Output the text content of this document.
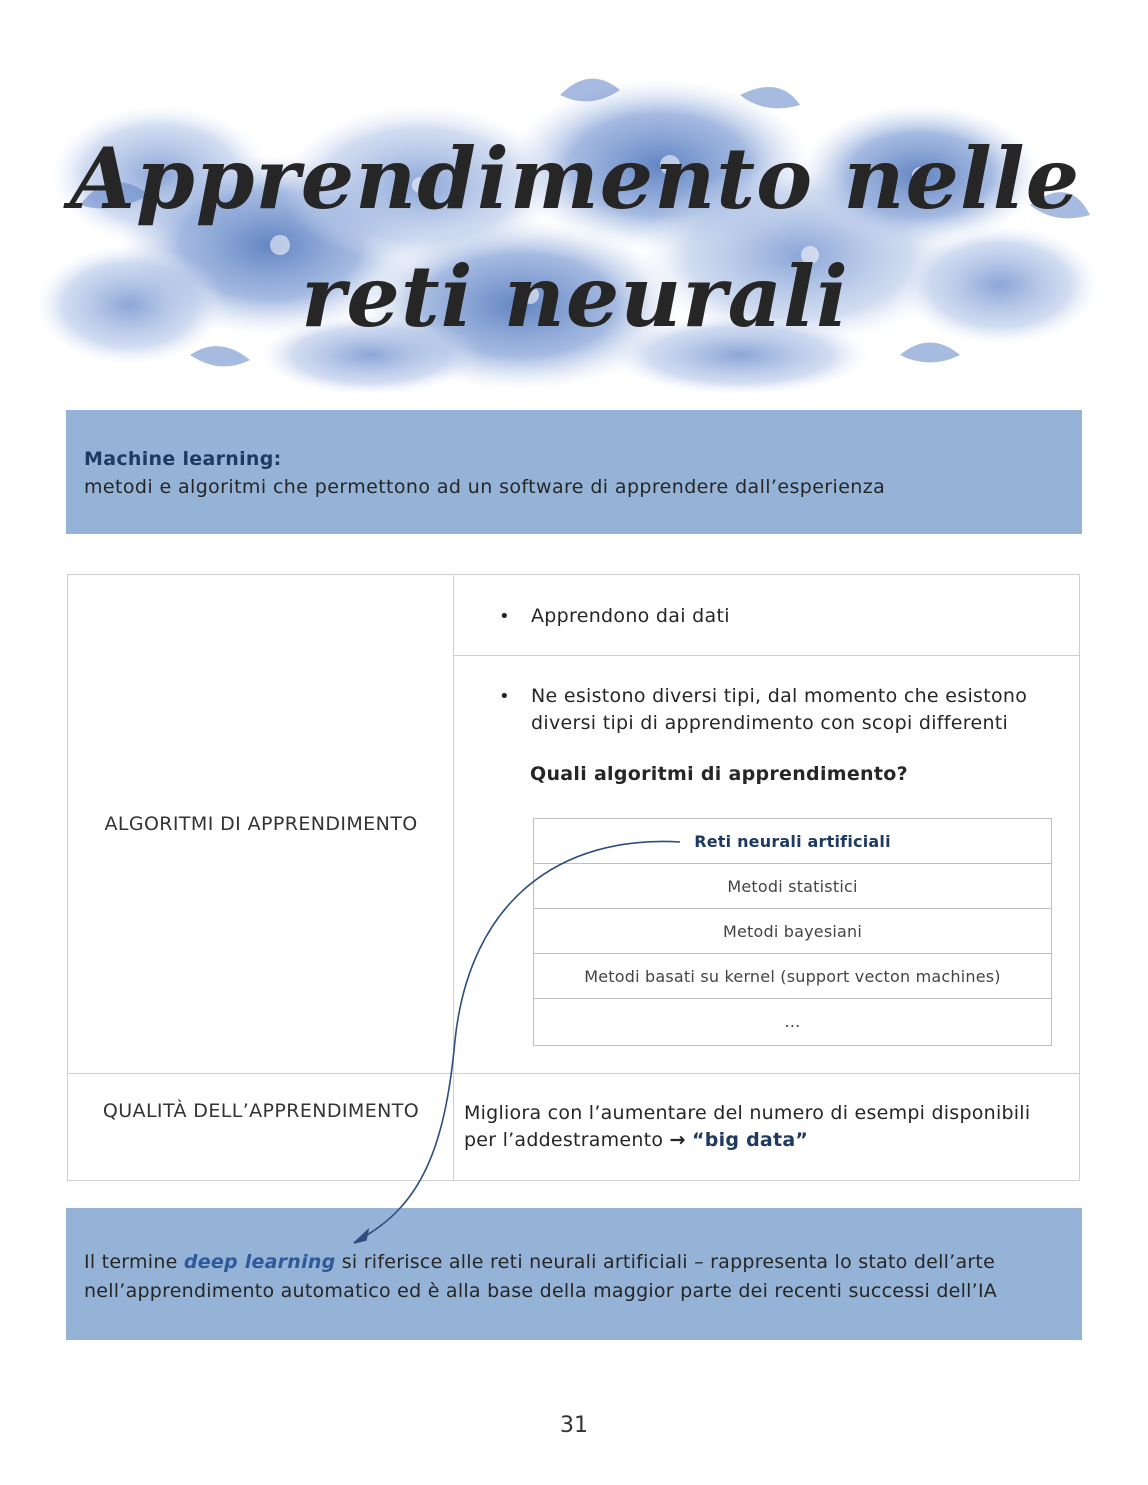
Apprendimento nelle
reti neurali
Machine learning:
metodi e algoritmi che permettono ad un software di apprendere dall’esperienza
ALGORITMI DI APPRENDIMENTO
• Apprendono dai dati
• Ne esistono diversi tipi, dal momento che esistono
diversi tipi di apprendimento con scopi differenti
Quali algoritmi di apprendimento?
Reti neurali artificiali
Metodi statistici
Metodi bayesiani
Metodi basati su kernel (support vecton machines)
…
QUALITÀ DELL’APPRENDIMENTO	Migliora con l’aumentare del numero di esempi disponibili
per l’addestramento → “big data”
Il termine deep learning si riferisce alle reti neurali artificiali – rappresenta lo stato dell’arte
nell’apprendimento automatico ed è alla base della maggior parte dei recenti successi dell’IA
31
